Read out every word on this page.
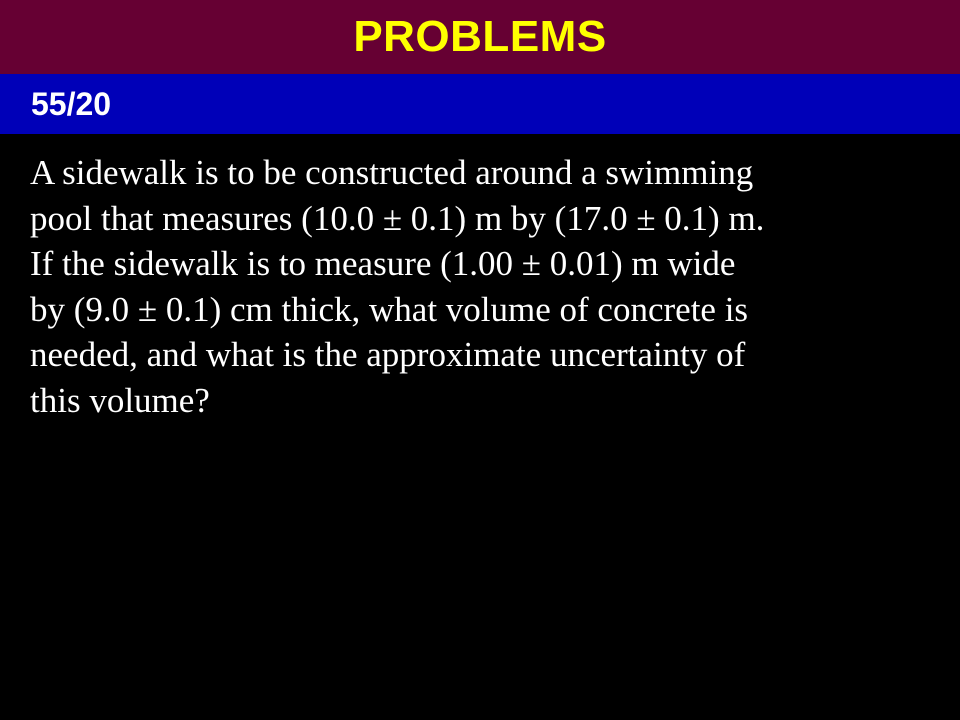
PROBLEMS
55/20
A sidewalk is to be constructed around a swimming
pool that measures (10.0 ± 0.1) m by (17.0 ± 0.1) m.
If the sidewalk is to measure (1.00 ± 0.01) m wide
by (9.0 ± 0.1) cm thick, what volume of concrete is
needed, and what is the approximate uncertainty of
this volume?
